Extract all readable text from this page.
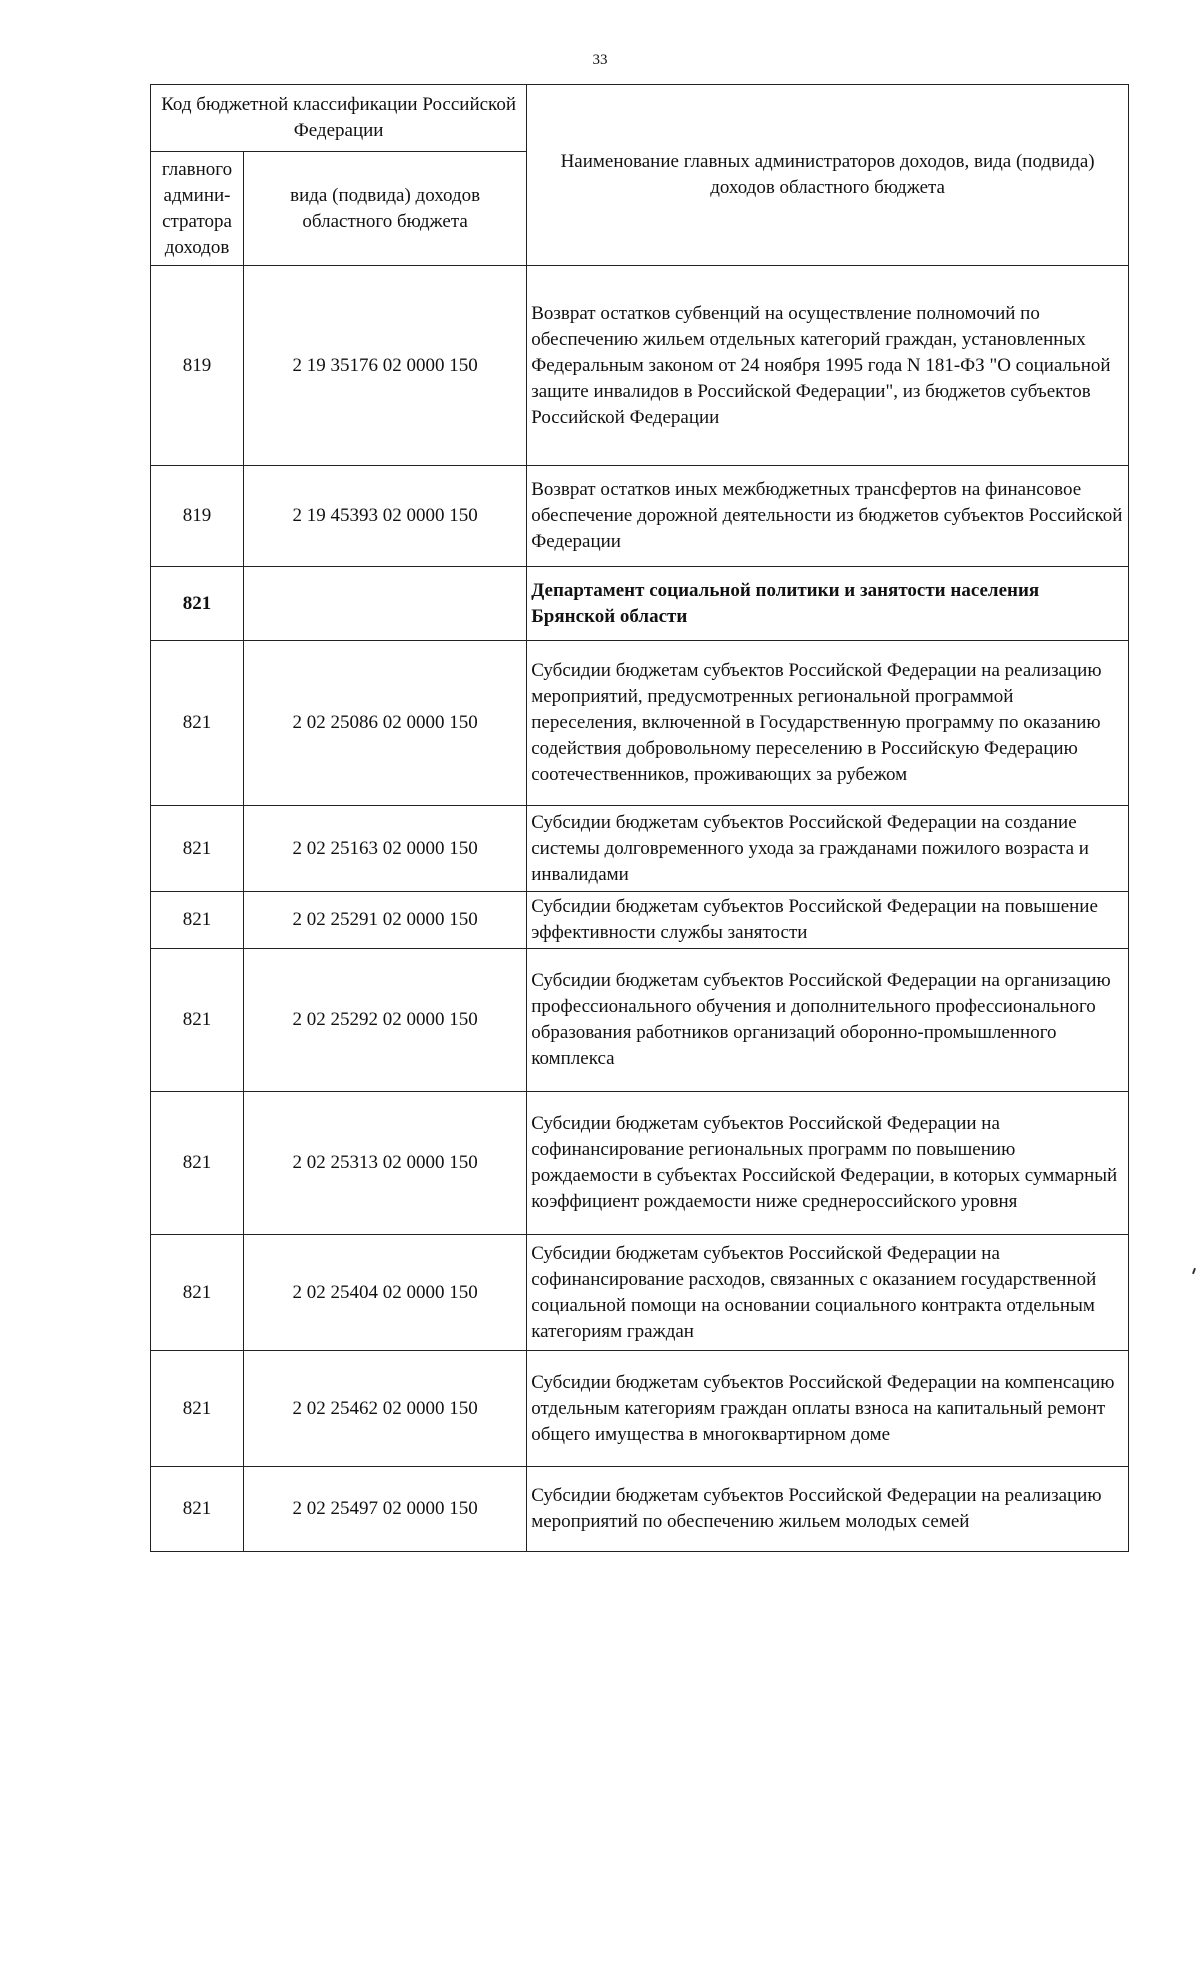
33
Код бюджетной классификации Российской Федерации		Наименование главных администраторов доходов, вида (подвида) доходов областного бюджета
главного админи-стратора доходов	вида (подвида) доходов областного бюджета	
819	2 19 35176 02 0000 150	Возврат остатков субвенций на осуществление полномочий по обеспечению жильем отдельных категорий граждан, установленных Федеральным законом от 24 ноября 1995 года N 181-ФЗ "О социальной защите инвалидов в Российской Федерации", из бюджетов субъектов Российской Федерации
819	2 19 45393 02 0000 150	Возврат остатков иных межбюджетных трансфертов на финансовое обеспечение дорожной деятельности из бюджетов субъектов Российской Федерации
821		Департамент социальной политики и занятости населения Брянской области
821	2 02 25086 02 0000 150	Субсидии бюджетам субъектов Российской Федерации на реализацию мероприятий, предусмотренных региональной программой переселения, включенной в Государственную программу по оказанию содействия добровольному переселению в Российскую Федерацию соотечественников, проживающих за рубежом
821	2 02 25163 02 0000 150	Субсидии бюджетам субъектов Российской Федерации на создание системы долговременного ухода за гражданами пожилого возраста и инвалидами
821	2 02 25291 02 0000 150	Субсидии бюджетам субъектов Российской Федерации на повышение эффективности службы занятости
821	2 02 25292 02 0000 150	Субсидии бюджетам субъектов Российской Федерации на организацию профессионального обучения и дополнительного профессионального образования работников организаций оборонно-промышленного комплекса
821	2 02 25313 02 0000 150	Субсидии бюджетам субъектов Российской Федерации на софинансирование региональных программ по повышению рождаемости в субъектах Российской Федерации, в которых суммарный коэффициент рождаемости ниже среднероссийского уровня
821	2 02 25404 02 0000 150	Субсидии бюджетам субъектов Российской Федерации на софинансирование расходов, связанных с оказанием государственной социальной помощи на основании социального контракта отдельным категориям граждан
821	2 02 25462 02 0000 150	Субсидии бюджетам субъектов Российской Федерации на компенсацию отдельным категориям граждан оплаты взноса на капитальный ремонт общего имущества в многоквартирном доме
821	2 02 25497 02 0000 150	Субсидии бюджетам субъектов Российской Федерации на реализацию мероприятий по обеспечению жильем молодых семей
